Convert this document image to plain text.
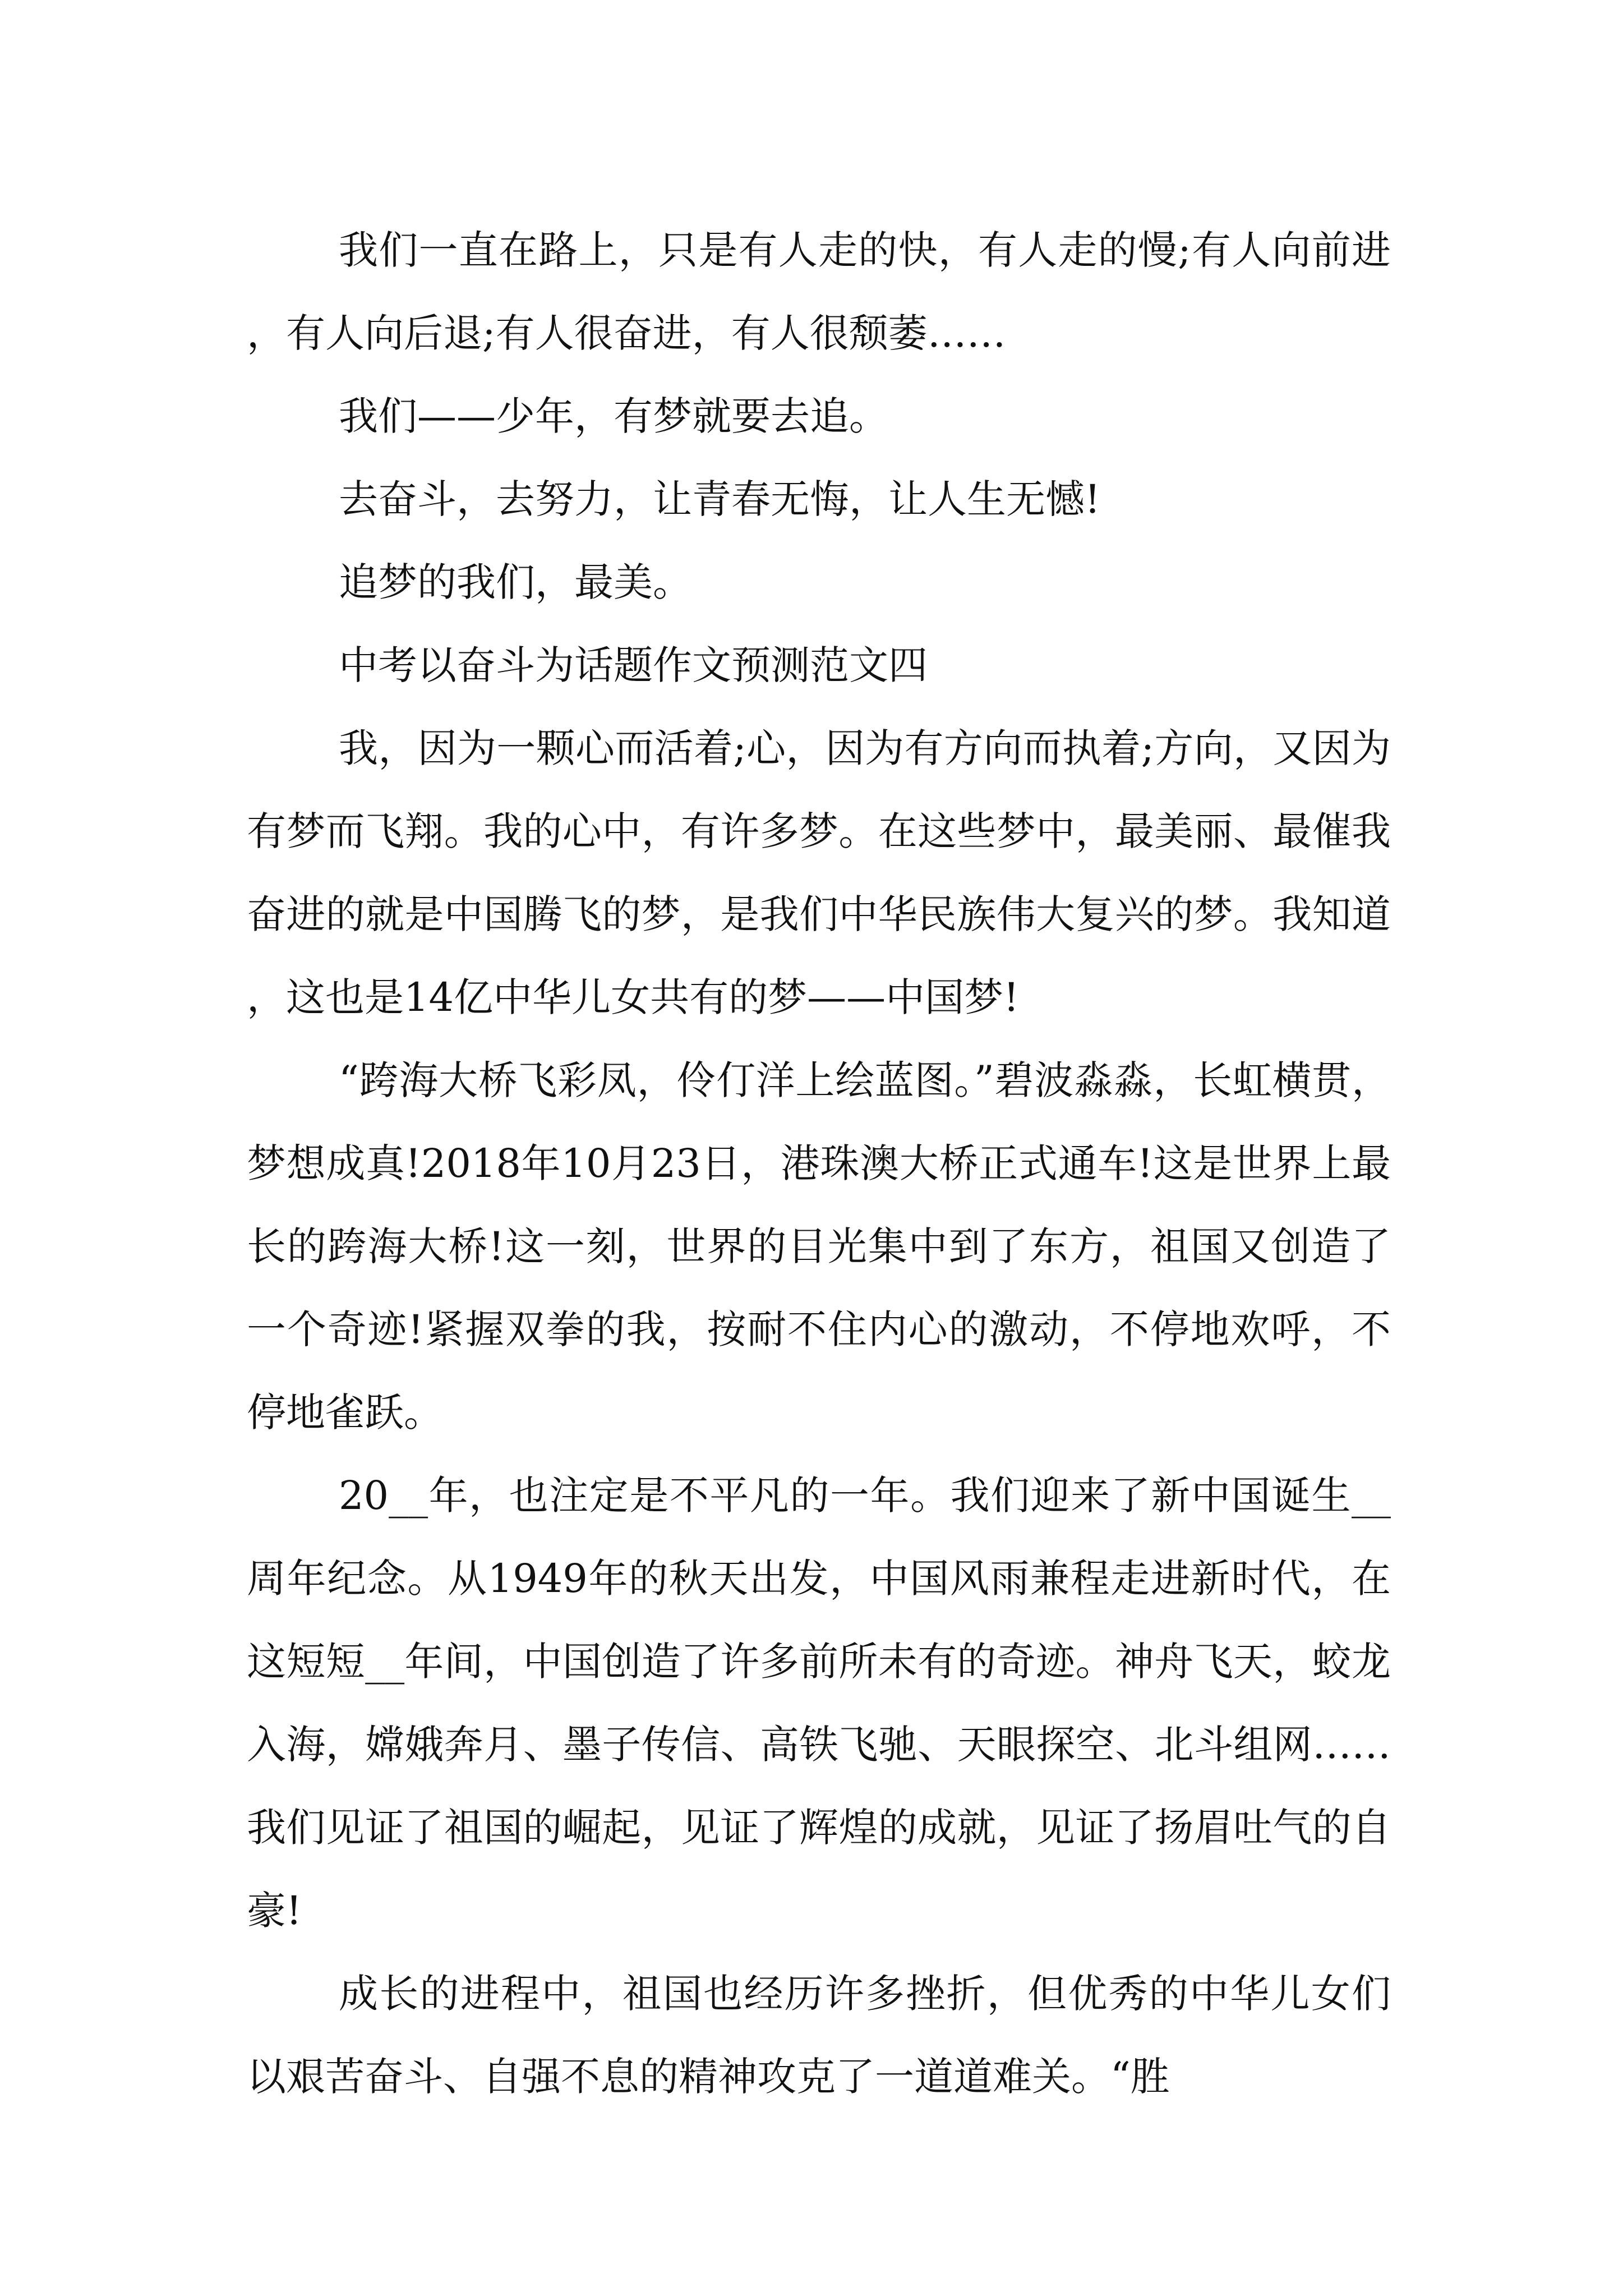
我们一直在路上，只是有人走的快，有人走的慢;有人向前进，有人向后退;有人很奋进，有人很颓萎……

我们——少年，有梦就要去追。

去奋斗，去努力，让青春无悔，让人生无憾!

追梦的我们，最美。

中考以奋斗为话题作文预测范文四

我，因为一颗心而活着;心，因为有方向而执着;方向，又因为有梦而飞翔。我的心中，有许多梦。在这些梦中，最美丽、最催我奋进的就是中国腾飞的梦，是我们中华民族伟大复兴的梦。我知道，这也是14亿中华儿女共有的梦——中国梦!

“跨海大桥飞彩凤，伶仃洋上绘蓝图。”碧波淼淼，长虹横贯，梦想成真!2018年10月23日，港珠澳大桥正式通车!这是世界上最长的跨海大桥!这一刻，世界的目光集中到了东方，祖国又创造了一个奇迹!紧握双拳的我，按耐不住内心的激动，不停地欢呼，不停地雀跃。

20__年，也注定是不平凡的一年。我们迎来了新中国诞生__周年纪念。从1949年的秋天出发，中国风雨兼程走进新时代，在这短短__年间，中国创造了许多前所未有的奇迹。神舟飞天，蛟龙入海，嫦娥奔月、墨子传信、高铁飞驰、天眼探空、北斗组网……我们见证了祖国的崛起，见证了辉煌的成就，见证了扬眉吐气的自豪!

成长的进程中，祖国也经历许多挫折，但优秀的中华儿女们以艰苦奋斗、自强不息的精神攻克了一道道难关。“胜
